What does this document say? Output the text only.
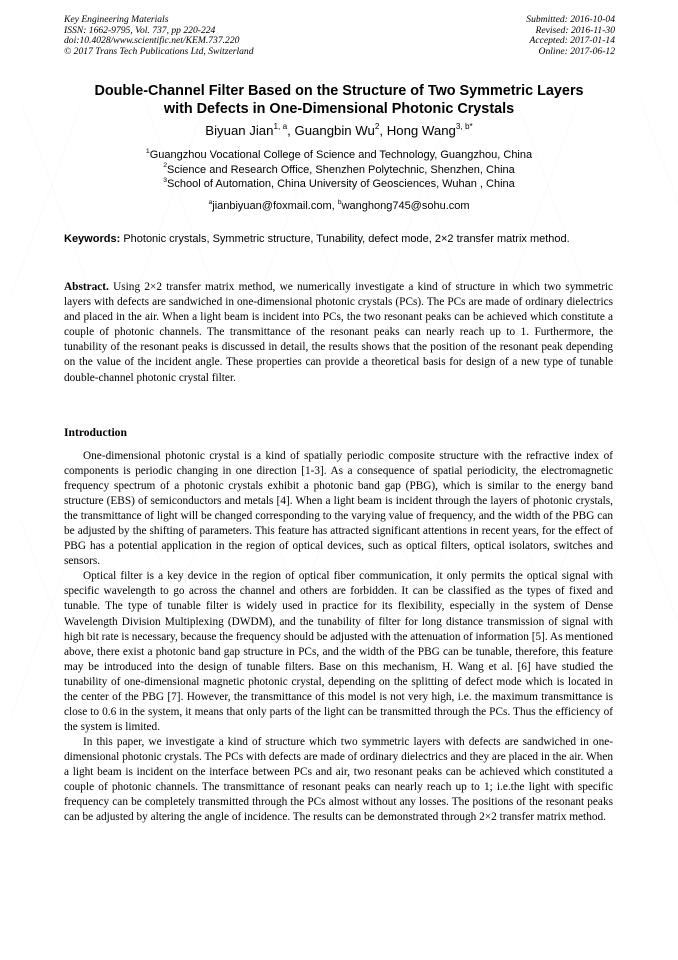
Key Engineering Materials
ISSN: 1662-9795, Vol. 737, pp 220-224
doi:10.4028/www.scientific.net/KEM.737.220
© 2017 Trans Tech Publications Ltd, Switzerland
Submitted: 2016-10-04
Revised: 2016-11-30
Accepted: 2017-01-14
Online: 2017-06-12
Double-Channel Filter Based on the Structure of Two Symmetric Layers
with Defects in One-Dimensional Photonic Crystals
Biyuan Jian$^{1, a}$, Guangbin Wu$^2$, Hong Wang$^{3, b*}$
$^1$Guangzhou Vocational College of Science and Technology, Guangzhou, China
$^2$Science and Research Office, Shenzhen Polytechnic, Shenzhen, China
$^3$School of Automation, China University of Geosciences, Wuhan , China
$^a$jianbiyuan@foxmail.com, $^b$wanghong745@sohu.com
Keywords: Photonic crystals, Symmetric structure, Tunability, defect mode, 2×2 transfer matrix method.
Abstract. Using 2×2 transfer matrix method, we numerically investigate a kind of structure in which two symmetric layers with defects are sandwiched in one-dimensional photonic crystals (PCs). The PCs are made of ordinary dielectrics and placed in the air. When a light beam is incident into PCs, the two resonant peaks can be achieved which constitute a couple of photonic channels. The transmittance of the resonant peaks can nearly reach up to 1. Furthermore, the tunability of the resonant peaks is discussed in detail, the results shows that the position of the resonant peak depending on the value of the incident angle. These properties can provide a theoretical basis for design of a new type of tunable double-channel photonic crystal filter.
Introduction

One-dimensional photonic crystal is a kind of spatially periodic composite structure with the refractive index of components is periodic changing in one direction [1-3]. As a consequence of spatial periodicity, the electromagnetic frequency spectrum of a photonic crystals exhibit a photonic band gap (PBG), which is similar to the energy band structure (EBS) of semiconductors and metals [4]. When a light beam is incident through the layers of photonic crystals, the transmittance of light will be changed corresponding to the varying value of frequency, and the width of the PBG can be adjusted by the shifting of parameters. This feature has attracted significant attentions in recent years, for the effect of PBG has a potential application in the region of optical devices, such as optical filters, optical isolators, switches and sensors.

Optical filter is a key device in the region of optical fiber communication, it only permits the optical signal with specific wavelength to go across the channel and others are forbidden. It can be classified as the types of fixed and tunable. The type of tunable filter is widely used in practice for its flexibility, especially in the system of Dense Wavelength Division Multiplexing (DWDM), and the tunability of filter for long distance transmission of signal with high bit rate is necessary, because the frequency should be adjusted with the attenuation of information [5]. As mentioned above, there exist a photonic band gap structure in PCs, and the width of the PBG can be tunable, therefore, this feature may be introduced into the design of tunable filters. Base on this mechanism, H. Wang et al. [6] have studied the tunability of one-dimensional magnetic photonic crystal, depending on the splitting of defect mode which is located in the center of the PBG [7]. However, the transmittance of this model is not very high, i.e. the maximum transmittance is close to 0.6 in the system, it means that only parts of the light can be transmitted through the PCs. Thus the efficiency of the system is limited.

In this paper, we investigate a kind of structure which two symmetric layers with defects are sandwiched in one-dimensional photonic crystals. The PCs with defects are made of ordinary dielectrics and they are placed in the air. When a light beam is incident on the interface between PCs and air, two resonant peaks can be achieved which constituted a couple of photonic channels. The transmittance of resonant peaks can nearly reach up to 1; i.e.the light with specific frequency can be completely transmitted through the PCs almost without any losses. The positions of the resonant peaks can be adjusted by altering the angle of incidence. The results can be demonstrated through 2×2 transfer matrix method.
